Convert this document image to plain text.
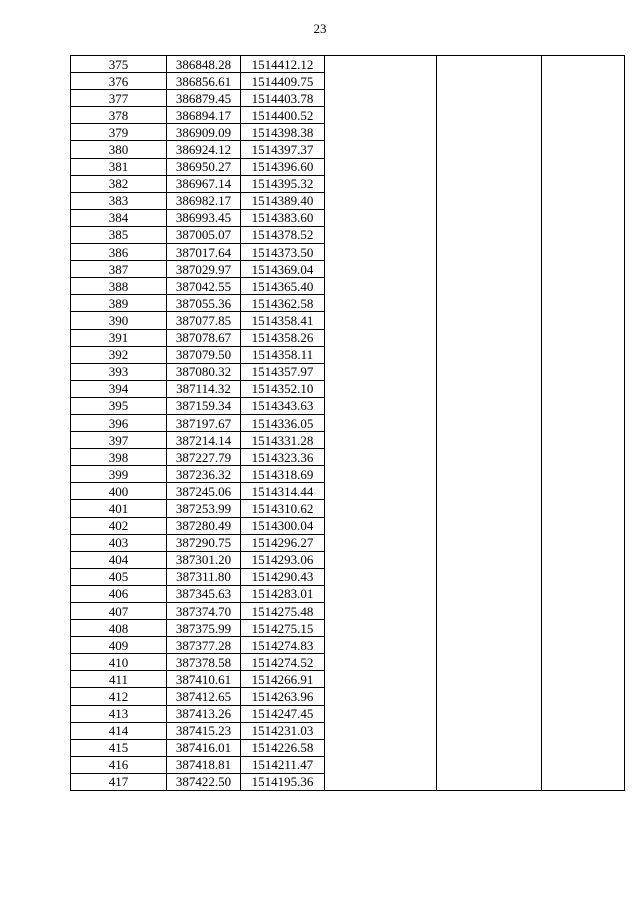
23
375	386848.28	1514412.12			
376	386856.61	1514409.75			
377	386879.45	1514403.78			
378	386894.17	1514400.52			
379	386909.09	1514398.38			
380	386924.12	1514397.37			
381	386950.27	1514396.60			
382	386967.14	1514395.32			
383	386982.17	1514389.40			
384	386993.45	1514383.60			
385	387005.07	1514378.52			
386	387017.64	1514373.50			
387	387029.97	1514369.04			
388	387042.55	1514365.40			
389	387055.36	1514362.58			
390	387077.85	1514358.41			
391	387078.67	1514358.26			
392	387079.50	1514358.11			
393	387080.32	1514357.97			
394	387114.32	1514352.10			
395	387159.34	1514343.63			
396	387197.67	1514336.05			
397	387214.14	1514331.28			
398	387227.79	1514323.36			
399	387236.32	1514318.69			
400	387245.06	1514314.44			
401	387253.99	1514310.62			
402	387280.49	1514300.04			
403	387290.75	1514296.27			
404	387301.20	1514293.06			
405	387311.80	1514290.43			
406	387345.63	1514283.01			
407	387374.70	1514275.48			
408	387375.99	1514275.15			
409	387377.28	1514274.83			
410	387378.58	1514274.52			
411	387410.61	1514266.91			
412	387412.65	1514263.96			
413	387413.26	1514247.45			
414	387415.23	1514231.03			
415	387416.01	1514226.58			
416	387418.81	1514211.47			
417	387422.50	1514195.36			
